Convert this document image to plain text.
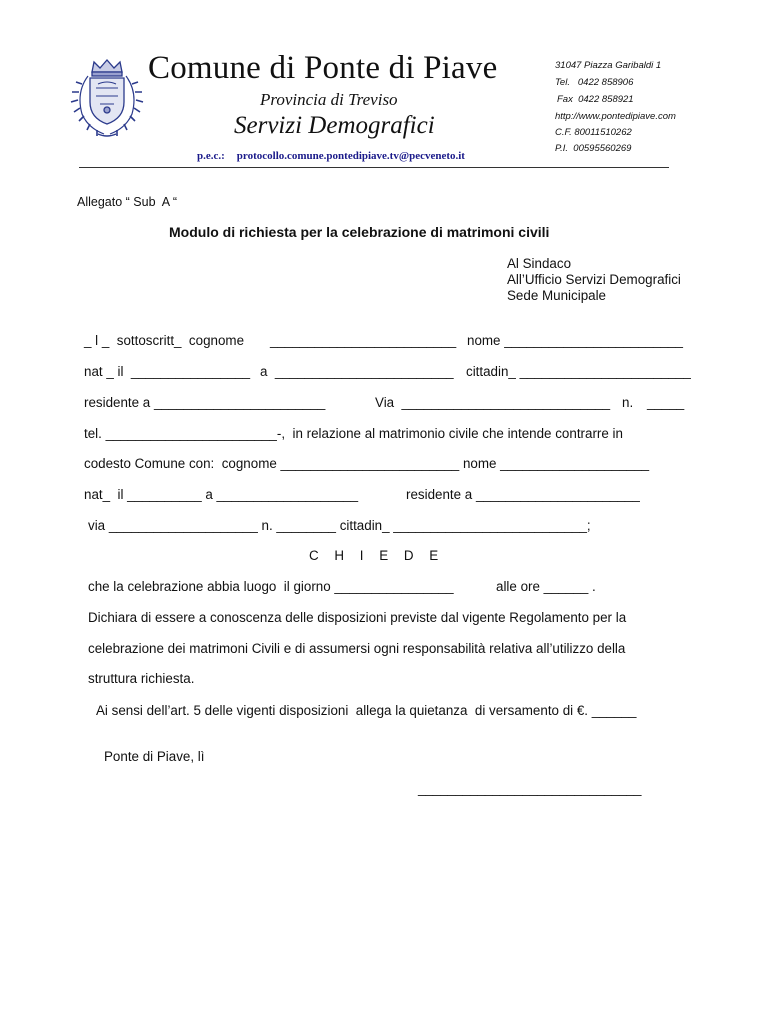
Comune di Ponte di Piave
Provincia di Treviso
Servizi Demografici
p.e.c.: protocollo.comune.pontedipiave.tv@pecveneto.it
31047 Piazza Garibaldi 1
Tel.   0422 858906
Fax  0422 858921
http://www.pontedipiave.com
C.F. 80011510262
P.I.  00595560269
Allegato “ Sub  A “
Modulo di richiesta per la celebrazione di matrimoni civili
Al Sindaco
All’Ufficio Servizi Demografici
Sede Municipale
_ l _  sottoscritt_  cognome _________________________ nome ________________________
nat _ il  ________________ a  ________________________ cittadin_ _______________________
residente a _______________________	Via  ____________________________ n. _____
tel. _______________________-,  in relazione al matrimonio civile che intende contrarre in
codesto Comune con:  cognome ________________________ nome ____________________
nat_  il __________ a ___________________	residente a ______________________
via ____________________ n. ________ cittadin_ __________________________;
C H I E D E
che la celebrazione abbia luogo  il giorno ________________	alle ore ______ .
Dichiara di essere a conoscenza delle disposizioni previste dal vigente Regolamento per la
celebrazione dei matrimoni Civili e di assumersi ogni responsabilità relativa all’utilizzo della
struttura richiesta.
Ai sensi dell’art. 5 delle vigenti disposizioni  allega la quietanza  di versamento di €. ______
Ponte di Piave, lì
______________________________
